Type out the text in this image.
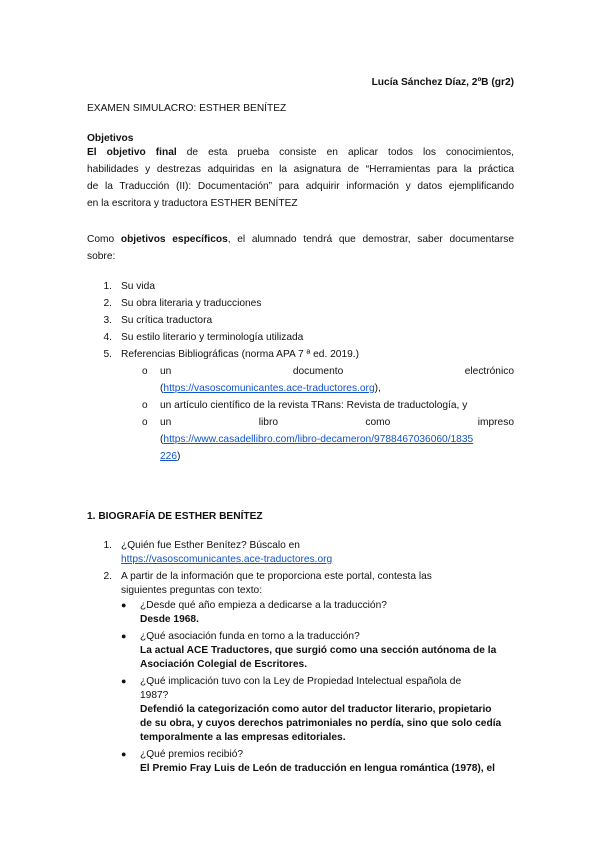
Lucía Sánchez Díaz, 2ºB (gr2)
EXAMEN SIMULACRO: ESTHER BENÍTEZ
Objetivos
El objetivo final de esta prueba consiste en aplicar todos los conocimientos,
habilidades y destrezas adquiridas en la asignatura de “Herramientas para la práctica
de la Traducción (II): Documentación” para adquirir información y datos ejemplificando
en la escritora y traductora ESTHER BENÍTEZ
Como objetivos específicos, el alumnado tendrá que demostrar, saber documentarse
sobre:
1. Su vida
2. Su obra literaria y traducciones
3. Su crítica traductora
4. Su estilo literario y terminología utilizada
5. Referencias Bibliográficas (norma APA 7 ª ed. 2019.)
o un	documento	electrónico
(https://vasoscomunicantes.ace-traductores.org),
o un artículo científico de la revista TRans: Revista de traductología, y
o un	libro	como	impreso
(https://www.casadellibro.com/libro-decameron/9788467036060/1835
226)
1. BIOGRAFÍA DE ESTHER BENÍTEZ
1. ¿Quién fue Esther Benítez? Búscalo en
https://vasoscomunicantes.ace-traductores.org
2. A partir de la información que te proporciona este portal, contesta las
siguientes preguntas con texto:
● ¿Desde qué año empieza a dedicarse a la traducción?
Desde 1968.
● ¿Qué asociación funda en torno a la traducción?
La actual ACE Traductores, que surgió como una sección autónoma de la
Asociación Colegial de Escritores.
● ¿Qué implicación tuvo con la Ley de Propiedad Intelectual española de
1987?
Defendió la categorización como autor del traductor literario, propietario
de su obra, y cuyos derechos patrimoniales no perdía, sino que solo cedía
temporalmente a las empresas editoriales.
● ¿Qué premios recibió?
El Premio Fray Luis de León de traducción en lengua romántica (1978), el
